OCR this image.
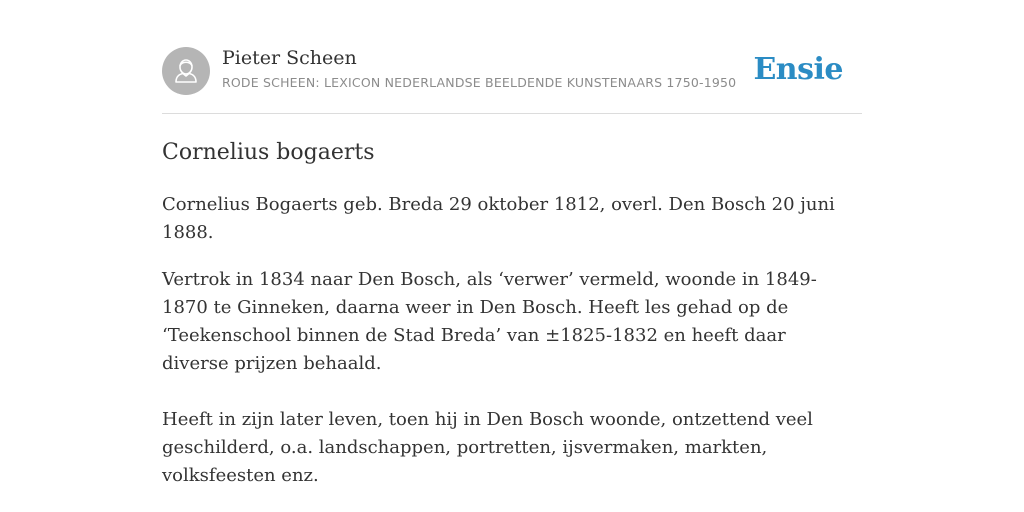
Pieter Scheen
RODE SCHEEN: LEXICON NEDERLANDSE BEELDENDE KUNSTENAARS 1750-1950 Ensie
Cornelius bogaerts

Cornelius Bogaerts geb. Breda 29 oktober 1812, overl. Den Bosch 20 juni 1888.

Vertrok in 1834 naar Den Bosch, als ‘verwer’ vermeld, woonde in 1849-1870 te Ginneken, daarna weer in Den Bosch. Heeft les gehad op de ‘Teekenschool binnen de Stad Breda’ van ±1825-1832 en heeft daar diverse prijzen behaald.

Heeft in zijn later leven, toen hij in Den Bosch woonde, ontzettend veel geschilderd, o.a. landschappen, portretten, ijsvermaken, markten, volksfeesten enz.
